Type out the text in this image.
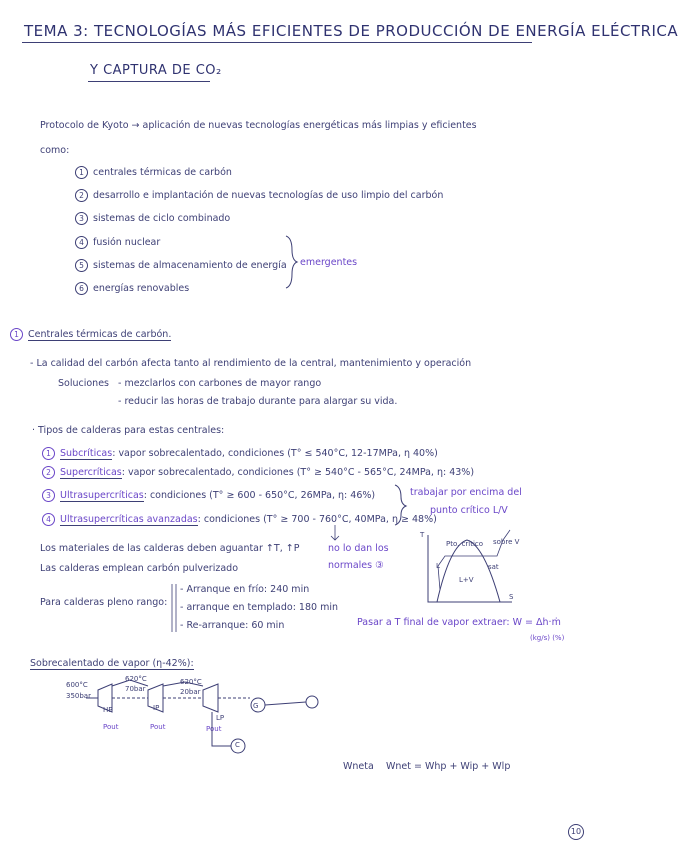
TEMA 3: TECNOLOGÍAS MÁS EFICIENTES DE PRODUCCIÓN DE ENERGÍA ELÉCTRICA
Y CAPTURA DE CO₂
Protocolo de Kyoto → aplicación de nuevas tecnologías energéticas más limpias y eficientes
como:
1 centrales térmicas de carbón
2 desarrollo e implantación de nuevas tecnologías de uso limpio del carbón
3 sistemas de ciclo combinado
4 fusión nuclear
5 sistemas de almacenamiento de energía
6 energías renovables
emergentes
1 Centrales térmicas de carbón.
- La calidad del carbón afecta tanto al rendimiento de la central, mantenimiento y operación
Soluciones - mezclarlos con carbones de mayor rango
- reducir las horas de trabajo durante para alargar su vida.
· Tipos de calderas para estas centrales:
1 Subcríticas: vapor sobrecalentado, condiciones (T° ≤ 540°C, 12-17MPa, η 40%)
2 Supercríticas: vapor sobrecalentado, condiciones (T° ≥ 540°C - 565°C, 24MPa, η: 43%)
3 Ultrasupercríticas: condiciones (T° ≥ 600 - 650°C, 26MPa, η: 46%)
4 Ultrasupercríticas avanzadas: condiciones (T° ≥ 700 - 760°C, 40MPa, η ≥ 48%)
trabajar por encima del
punto crítico L/V
Los materiales de las calderas deben aguantar ↑T, ↑P
Las calderas emplean carbón pulverizado
no lo dan los
normales ③
Para calderas pleno rango:
- Arranque en frío: 240 min
- arranque en templado: 180 min
- Re-arranque: 60 min
T
S
Pto. crítico sobre V
L
L+V
sat
Pasar a T final de vapor extraer: W = Δh·ṁ
(kg/s) (%)
Sobrecalentado de vapor (η-42%):
600°C
350bar
620°C
70bar
620°C
20bar
HP	IP
LP
G
C
Pout	Pout	Pout
Wneta Wnet = Whp + Wip + Wlp
10
